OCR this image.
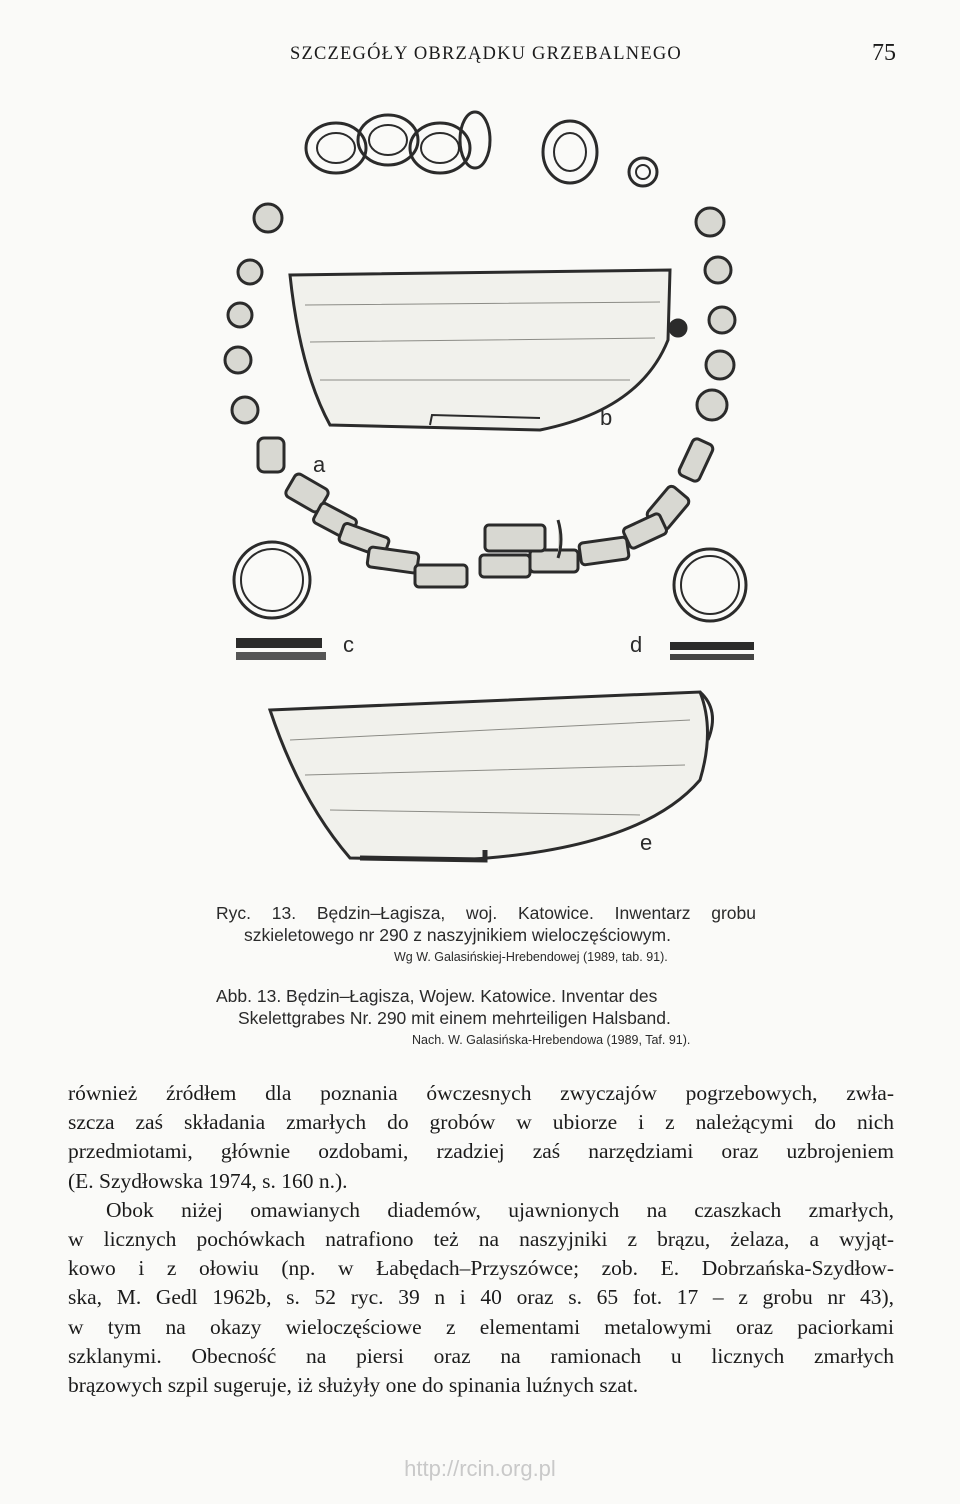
SZCZEGÓŁY OBRZĄDKU GRZEBALNEGO	75
a
b
c	d
e
Ryc. 13. Będzin–Łagisza, woj. Katowice. Inwentarz grobu
szkieletowego nr 290 z naszyjnikiem wieloczęściowym.
Wg W. Galasińskiej-Hrebendowej (1989, tab. 91).
Abb. 13. Będzin–Łagisza, Wojew. Katowice. Inventar des
Skelettgrabes Nr. 290 mit einem mehrteiligen Halsband.
Nach. W. Galasińska-Hrebendowa (1989, Taf. 91).
również źródłem dla poznania ówczesnych zwyczajów pogrzebowych, zwła-
szcza zaś składania zmarłych do grobów w ubiorze i z należącymi do nich
przedmiotami, głównie ozdobami, rzadziej zaś narzędziami oraz uzbrojeniem
(E. Szydłowska 1974, s. 160 n.).
Obok niżej omawianych diademów, ujawnionych na czaszkach zmarłych,
w licznych pochówkach natrafiono też na naszyjniki z brązu, żelaza, a wyjąt-
kowo i z ołowiu (np. w Łabędach–Przyszówce; zob. E. Dobrzańska-Szydłow-
ska, M. Gedl 1962b, s. 52 ryc. 39 n i 40 oraz s. 65 fot. 17 – z grobu nr 43),
w tym na okazy wieloczęściowe z elementami metalowymi oraz paciorkami
szklanymi. Obecność na piersi oraz na ramionach u licznych zmarłych
brązowych szpil sugeruje, iż służyły one do spinania luźnych szat.
http://rcin.org.pl
